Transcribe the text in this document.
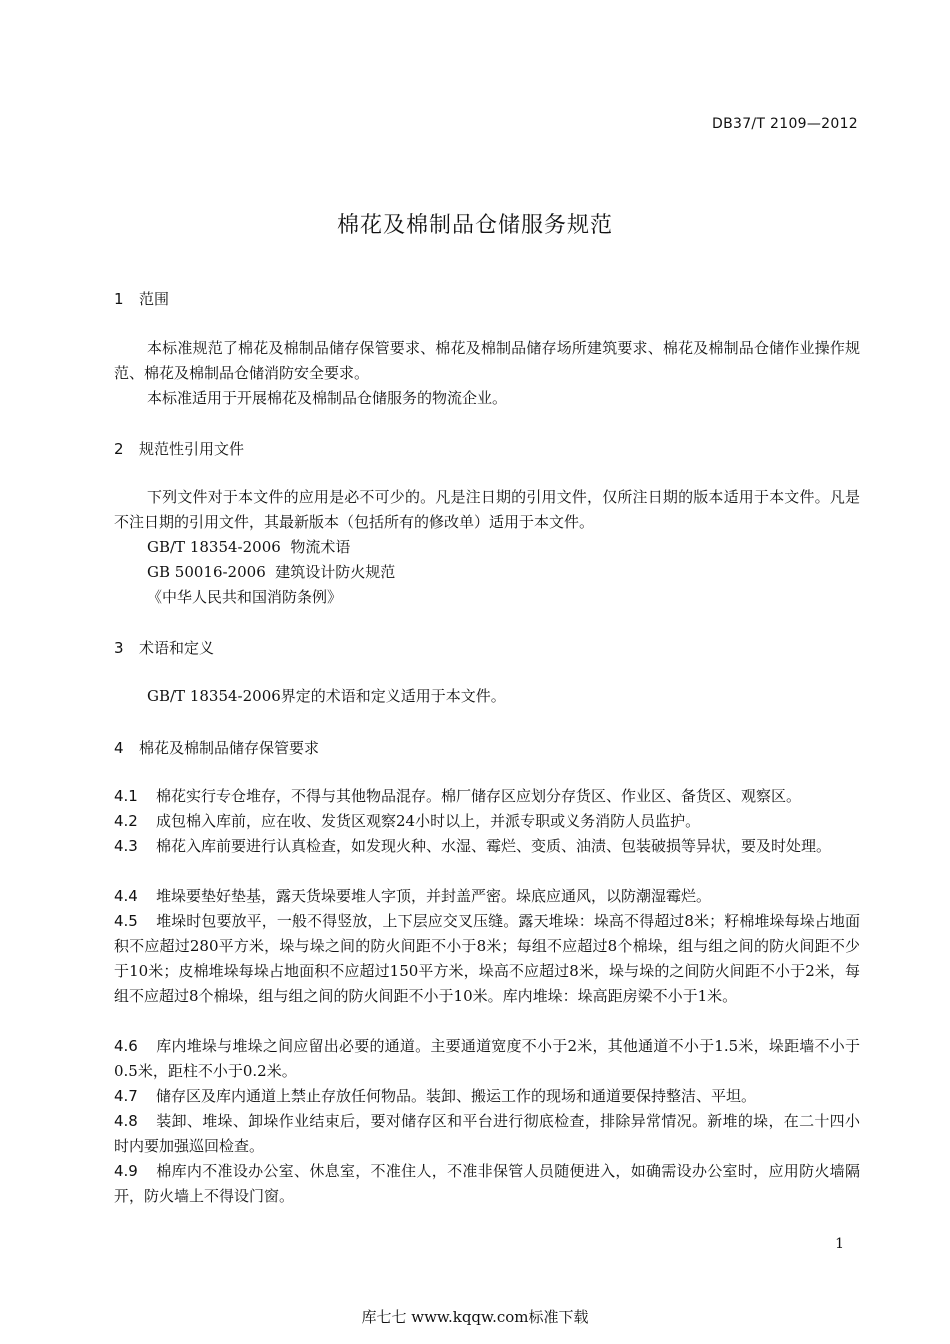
DB37/T 2109—2012
棉花及棉制品仓储服务规范
1 范围

本标准规范了棉花及棉制品储存保管要求、棉花及棉制品储存场所建筑要求、棉花及棉制品仓储作业操作规范、棉花及棉制品仓储消防安全要求。

本标准适用于开展棉花及棉制品仓储服务的物流企业。

2 规范性引用文件

下列文件对于本文件的应用是必不可少的。凡是注日期的引用文件，仅所注日期的版本适用于本文件。凡是不注日期的引用文件，其最新版本（包括所有的修改单）适用于本文件。

GB/T 18354-2006  物流术语
GB 50016-2006  建筑设计防火规范
《中华人民共和国消防条例》
3 术语和定义

GB/T 18354-2006界定的术语和定义适用于本文件。

4 棉花及棉制品储存保管要求

4.1 棉花实行专仓堆存，不得与其他物品混存。棉厂储存区应划分存货区、作业区、备货区、观察区。

4.2 成包棉入库前，应在收、发货区观察24小时以上，并派专职或义务消防人员监护。

4.3 棉花入库前要进行认真检查，如发现火种、水湿、霉烂、变质、油渍、包装破损等异状，要及时处理。

4.4 堆垛要垫好垫基，露天货垛要堆人字顶，并封盖严密。垛底应通风，以防潮湿霉烂。

4.5 堆垛时包要放平，一般不得竖放，上下层应交叉压缝。露天堆垛：垛高不得超过8米；籽棉堆垛每垛占地面积不应超过280平方米，垛与垛之间的防火间距不小于8米；每组不应超过8个棉垛，组与组之间的防火间距不少于10米；皮棉堆垛每垛占地面积不应超过150平方米，垛高不应超过8米，垛与垛的之间防火间距不小于2米，每组不应超过8个棉垛，组与组之间的防火间距不小于10米。库内堆垛：垛高距房梁不小于1米。

4.6 库内堆垛与堆垛之间应留出必要的通道。主要通道宽度不小于2米，其他通道不小于1.5米，垛距墙不小于0.5米，距柱不小于0.2米。

4.7 储存区及库内通道上禁止存放任何物品。装卸、搬运工作的现场和通道要保持整洁、平坦。

4.8 装卸、堆垛、卸垛作业结束后，要对储存区和平台进行彻底检查，排除异常情况。新堆的垛，在二十四小时内要加强巡回检查。

4.9 棉库内不准设办公室、休息室，不准住人，不准非保管人员随便进入，如确需设办公室时，应用防火墙隔开，防火墙上不得设门窗。

1
库七七 www.kqqw.com标准下载
